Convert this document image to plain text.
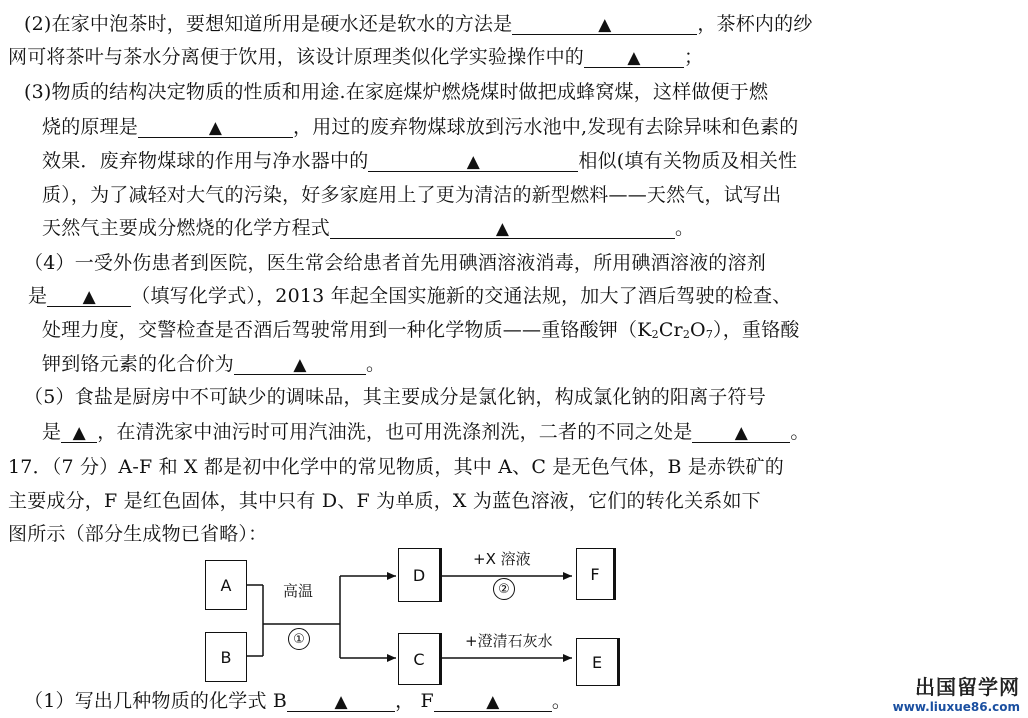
(2)在家中泡茶时，要想知道所用是硬水还是软水的方法是	▲	，茶杯内的纱
网可将茶叶与茶水分离便于饮用，该设计原理类似化学实验操作中的	▲ ；
(3)物质的结构决定物质的性质和用途.在家庭煤炉燃烧煤时做把成蜂窝煤，这样做便于燃
烧的原理是	▲	，用过的废弃物煤球放到污水池中,发现有去除异味和色素的
效果．废弃物煤球的作用与净水器中的	▲	相似(填有关物质及相关性
质），为了减轻对大气的污染，好多家庭用上了更为清洁的新型燃料——天然气，试写出
天然气主要成分燃烧的化学方程式	▲	。
（4）一受外伤患者到医院，医生常会给患者首先用碘酒溶液消毒，所用碘酒溶液的溶剂
是 ▲ （填写化学式），2013 年起全国实施新的交通法规，加大了酒后驾驶的检查、
处理力度，交警检查是否酒后驾驶常用到一种化学物质——重铬酸钾$(K_2Cr_2O_7)$，重铬酸
钾到铬元素的化合价为	▲	。
（5）食盐是厨房中不可缺少的调味品，其主要成分是氯化钠，构成氯化钠的阳离子符号
是 ▲ ，在清洗家中油污时可用汽油洗，也可用洗涤剂洗，二者的不同之处是 ▲ 。
17．（7 分）A-F 和 X 都是初中化学中的常见物质，其中 A、C 是无色气体，B 是赤铁矿的
主要成分，F 是红色固体，其中只有 D、F 为单质，X 为蓝色溶液，它们的转化关系如下
图所示（部分生成物已省略）：
A
B
D
C
F
E
高温
①
+X 溶液
②
+澄清石灰水
（1）写出几种物质的化学式 B	▲ ， F	▲	。
出国留学网
www.liuxue86.com
